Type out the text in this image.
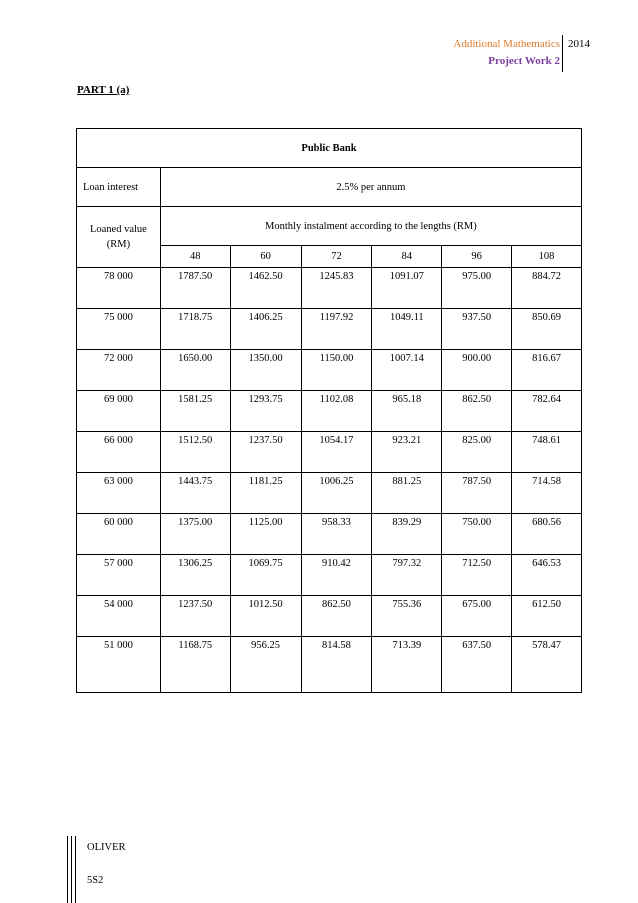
Additional Mathematics
Project Work 2
2014
PART 1 (a)
Public Bank						
Loan interest	2.5% per annum					
Loaned value
(RM)	Monthly instalment according to the lengths (RM)					
	48	60	72	84	96	108
78 000	1787.50	1462.50	1245.83	1091.07	975.00	884.72
75 000	1718.75	1406.25	1197.92	1049.11	937.50	850.69
72 000	1650.00	1350.00	1150.00	1007.14	900.00	816.67
69 000	1581.25	1293.75	1102.08	965.18	862.50	782.64
66 000	1512.50	1237.50	1054.17	923.21	825.00	748.61
63 000	1443.75	1181.25	1006.25	881.25	787.50	714.58
60 000	1375.00	1125.00	958.33	839.29	750.00	680.56
57 000	1306.25	1069.75	910.42	797.32	712.50	646.53
54 000	1237.50	1012.50	862.50	755.36	675.00	612.50
51 000	1168.75	956.25	814.58	713.39	637.50	578.47
OLIVER
5S2
